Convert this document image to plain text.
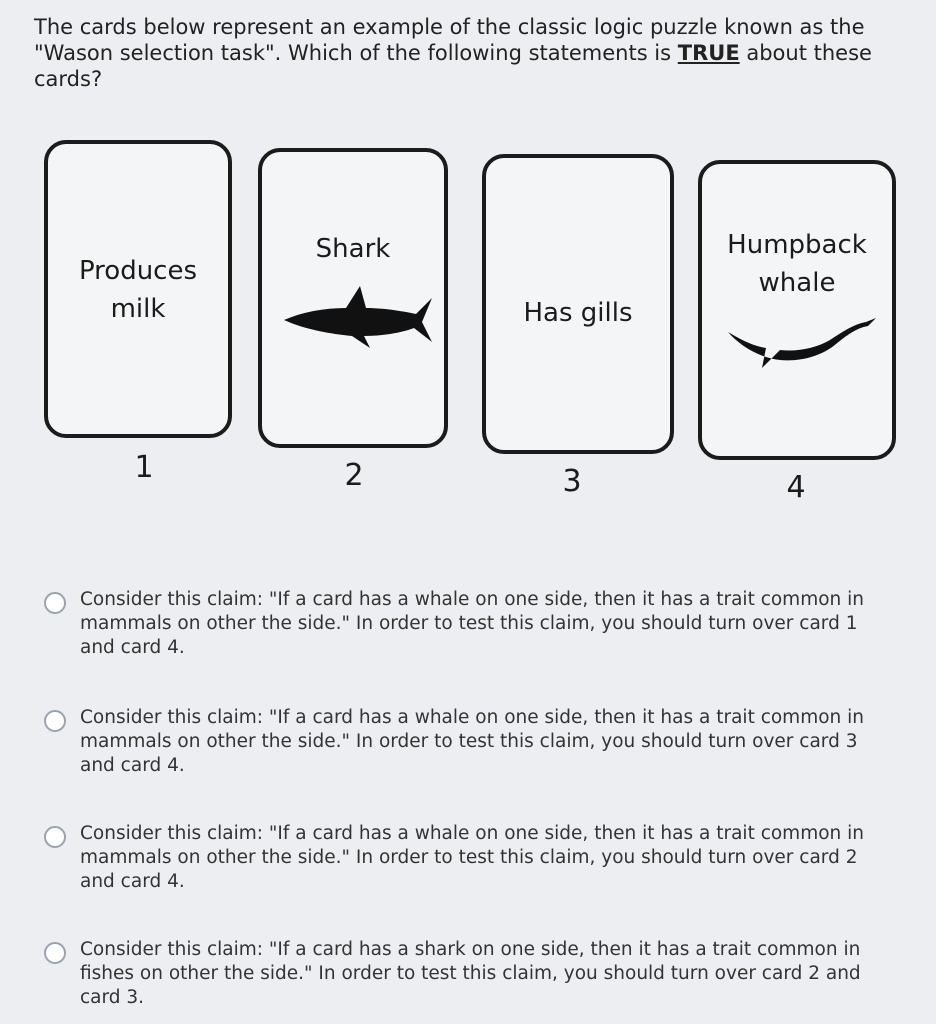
The cards below represent an example of the classic logic puzzle known as the "Wason selection task". Which of the following statements is TRUE about these cards?
Produces
milk
1
Shark
2
Has gills
3
Humpback
whale
4
Consider this claim: "If a card has a whale on one side, then it has a trait common in mammals on other the side." In order to test this claim, you should turn over card 1 and card 4.
Consider this claim: "If a card has a whale on one side, then it has a trait common in mammals on other the side." In order to test this claim, you should turn over card 3 and card 4.
Consider this claim: "If a card has a whale on one side, then it has a trait common in mammals on other the side." In order to test this claim, you should turn over card 2 and card 4.
Consider this claim: "If a card has a shark on one side, then it has a trait common in fishes on other the side." In order to test this claim, you should turn over card 2 and card 3.
